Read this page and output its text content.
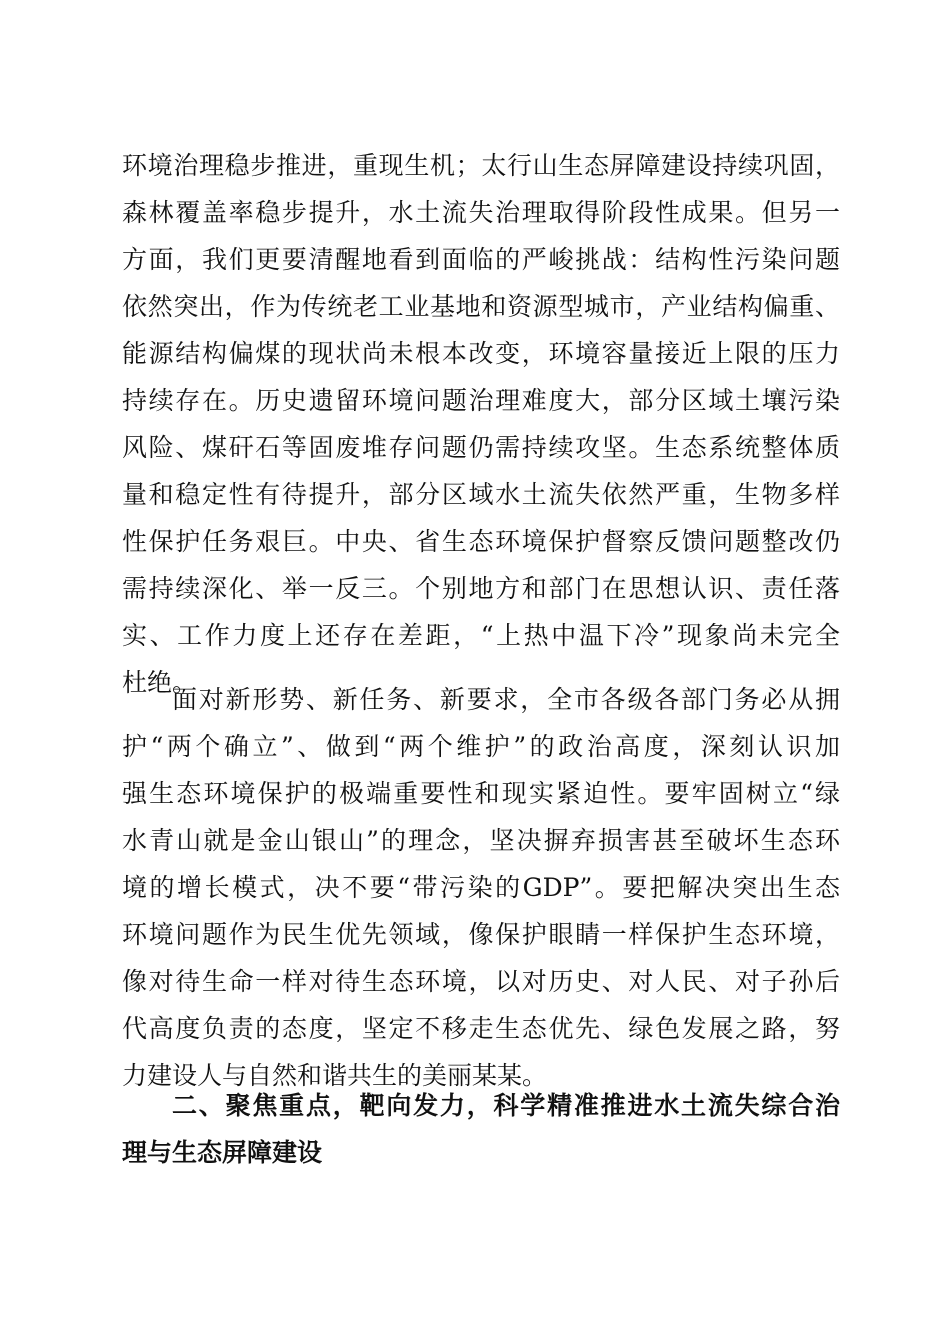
环境治理稳步推进，重现生机；太行山生态屏障建设持续巩固，
森林覆盖率稳步提升，水土流失治理取得阶段性成果。但另一
方面，我们更要清醒地看到面临的严峻挑战：结构性污染问题
依然突出，作为传统老工业基地和资源型城市，产业结构偏重、
能源结构偏煤的现状尚未根本改变，环境容量接近上限的压力
持续存在。历史遗留环境问题治理难度大，部分区域土壤污染
风险、煤矸石等固废堆存问题仍需持续攻坚。生态系统整体质
量和稳定性有待提升，部分区域水土流失依然严重，生物多样
性保护任务艰巨。中央、省生态环境保护督察反馈问题整改仍
需持续深化、举一反三。个别地方和部门在思想认识、责任落
实、工作力度上还存在差距，“上热中温下冷”现象尚未完全
杜绝。
面对新形势、新任务、新要求，全市各级各部门务必从拥
护“两个确立”、做到“两个维护”的政治高度，深刻认识加
强生态环境保护的极端重要性和现实紧迫性。要牢固树立“绿
水青山就是金山银山”的理念，坚决摒弃损害甚至破坏生态环
境的增长模式，决不要“带污染的GDP”。要把解决突出生态
环境问题作为民生优先领域，像保护眼睛一样保护生态环境，
像对待生命一样对待生态环境，以对历史、对人民、对子孙后
代高度负责的态度，坚定不移走生态优先、绿色发展之路，努
力建设人与自然和谐共生的美丽某某。
二、聚焦重点，靶向发力，科学精准推进水土流失综合治
理与生态屏障建设
